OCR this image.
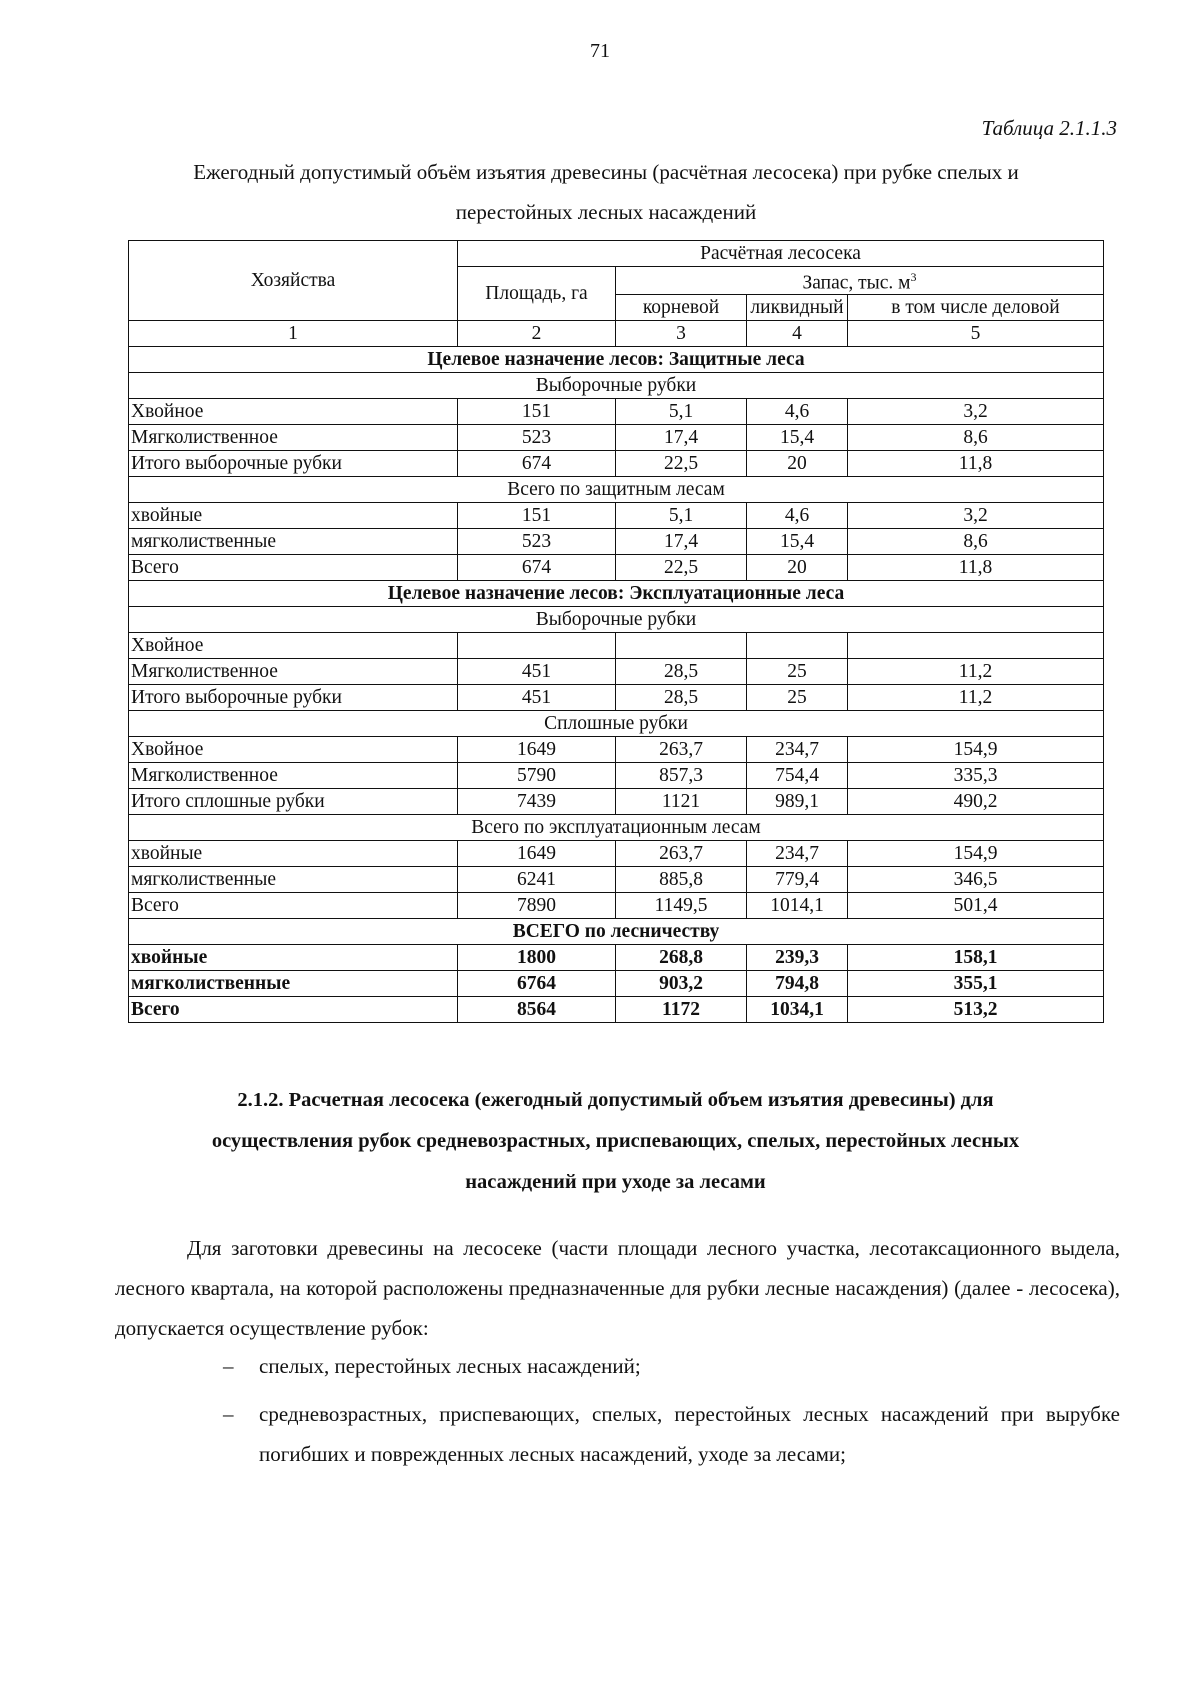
71
Таблица 2.1.1.3
Ежегодный допустимый объём изъятия древесины (расчётная лесосека) при рубке спелых и
перестойных лесных насаждений
Хозяйства	Расчётная лесосека			
	Площадь, га	Запас, тыс. $м^3$
		корневой	ликвидный	в том числе деловой
1	2	3	4	5
Целевое назначение лесов: Защитные леса				
Выборочные рубки				
Хвойное	151	5,1	4,6	3,2
Мягколиственное	523	17,4	15,4	8,6
Итого выборочные рубки	674	22,5	20	11,8
Всего по защитным лесам				
хвойные	151	5,1	4,6	3,2
мягколиственные	523	17,4	15,4	8,6
Всего	674	22,5	20	11,8
Целевое назначение лесов: Эксплуатационные леса				
Выборочные рубки				
Хвойное				
Мягколиственное	451	28,5	25	11,2
Итого выборочные рубки	451	28,5	25	11,2
Сплошные рубки				
Хвойное	1649	263,7	234,7	154,9
Мягколиственное	5790	857,3	754,4	335,3
Итого сплошные рубки	7439	1121	989,1	490,2
Всего по эксплуатационным лесам				
хвойные	1649	263,7	234,7	154,9
мягколиственные	6241	885,8	779,4	346,5
Всего	7890	1149,5	1014,1	501,4
ВСЕГО по лесничеству				
хвойные	1800	268,8	239,3	158,1
мягколиственные	6764	903,2	794,8	355,1
Всего	8564	1172	1034,1	513,2
2.1.2. Расчетная лесосека (ежегодный допустимый объем изъятия древесины) для
осуществления рубок средневозрастных, приспевающих, спелых, перестойных лесных
насаждений при уходе за лесами

Для заготовки древесины на лесосеке (части площади лесного участка, лесотаксационного выдела, лесного квартала, на которой расположены предназначенные для рубки лесные насаждения) (далее - лесосека), допускается осуществление рубок:

– спелых, перестойных лесных насаждений;
– средневозрастных, приспевающих, спелых, перестойных лесных насаждений при вырубке погибших и поврежденных лесных насаждений, уходе за лесами;
